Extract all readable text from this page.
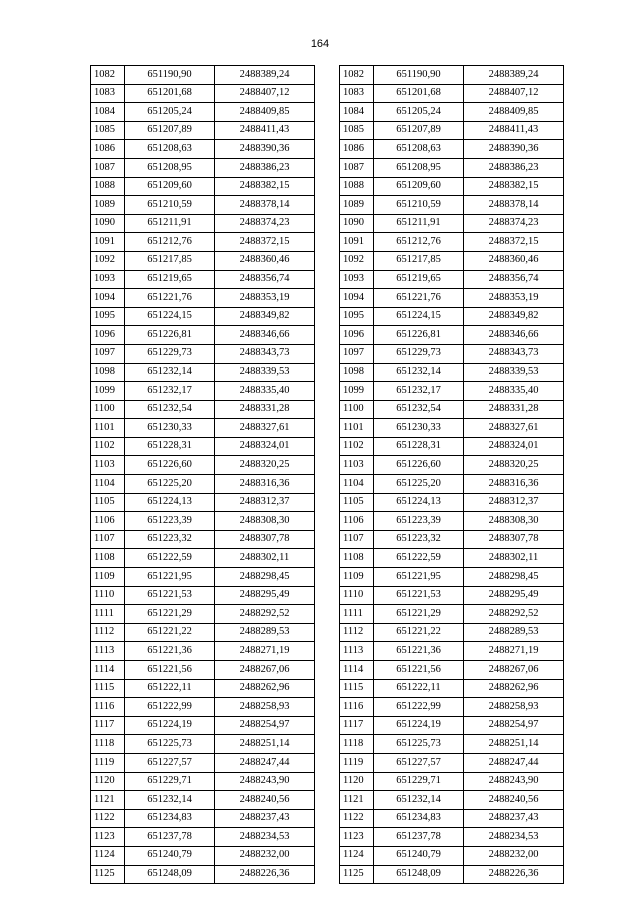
164
1082	651190,90	2488389,24
1083	651201,68	2488407,12
1084	651205,24	2488409,85
1085	651207,89	2488411,43
1086	651208,63	2488390,36
1087	651208,95	2488386,23
1088	651209,60	2488382,15
1089	651210,59	2488378,14
1090	651211,91	2488374,23
1091	651212,76	2488372,15
1092	651217,85	2488360,46
1093	651219,65	2488356,74
1094	651221,76	2488353,19
1095	651224,15	2488349,82
1096	651226,81	2488346,66
1097	651229,73	2488343,73
1098	651232,14	2488339,53
1099	651232,17	2488335,40
1100	651232,54	2488331,28
1101	651230,33	2488327,61
1102	651228,31	2488324,01
1103	651226,60	2488320,25
1104	651225,20	2488316,36
1105	651224,13	2488312,37
1106	651223,39	2488308,30
1107	651223,32	2488307,78
1108	651222,59	2488302,11
1109	651221,95	2488298,45
1110	651221,53	2488295,49
1111	651221,29	2488292,52
1112	651221,22	2488289,53
1113	651221,36	2488271,19
1114	651221,56	2488267,06
1115	651222,11	2488262,96
1116	651222,99	2488258,93
1117	651224,19	2488254,97
1118	651225,73	2488251,14
1119	651227,57	2488247,44
1120	651229,71	2488243,90
1121	651232,14	2488240,56
1122	651234,83	2488237,43
1123	651237,78	2488234,53
1124	651240,79	2488232,00
1125	651248,09	2488226,36
1082	651190,90	2488389,24
1083	651201,68	2488407,12
1084	651205,24	2488409,85
1085	651207,89	2488411,43
1086	651208,63	2488390,36
1087	651208,95	2488386,23
1088	651209,60	2488382,15
1089	651210,59	2488378,14
1090	651211,91	2488374,23
1091	651212,76	2488372,15
1092	651217,85	2488360,46
1093	651219,65	2488356,74
1094	651221,76	2488353,19
1095	651224,15	2488349,82
1096	651226,81	2488346,66
1097	651229,73	2488343,73
1098	651232,14	2488339,53
1099	651232,17	2488335,40
1100	651232,54	2488331,28
1101	651230,33	2488327,61
1102	651228,31	2488324,01
1103	651226,60	2488320,25
1104	651225,20	2488316,36
1105	651224,13	2488312,37
1106	651223,39	2488308,30
1107	651223,32	2488307,78
1108	651222,59	2488302,11
1109	651221,95	2488298,45
1110	651221,53	2488295,49
1111	651221,29	2488292,52
1112	651221,22	2488289,53
1113	651221,36	2488271,19
1114	651221,56	2488267,06
1115	651222,11	2488262,96
1116	651222,99	2488258,93
1117	651224,19	2488254,97
1118	651225,73	2488251,14
1119	651227,57	2488247,44
1120	651229,71	2488243,90
1121	651232,14	2488240,56
1122	651234,83	2488237,43
1123	651237,78	2488234,53
1124	651240,79	2488232,00
1125	651248,09	2488226,36
